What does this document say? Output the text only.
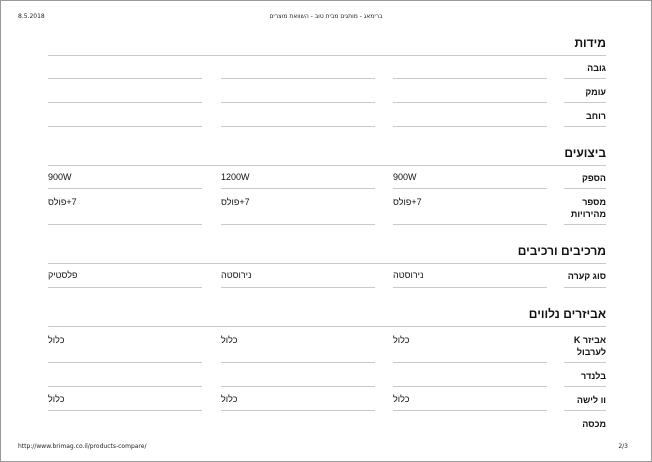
8.5.2018	ברימאג - מותגים מבית טוב - השוואת מוצרים
מידות
גובה
עומק
רוחב
ביצועים
הספק
900W	1200W	900W
מספר מהירויות
7+פולס	7+פולס	7+פולס
מרכיבים ורכיבים
סוג קערה
פלסטיק	נירוסטה	נירוסטה
אביזרים נלווים
אביזר K לערבול
כלול	כלול	כלול
בלנדר
וו לישה
כלול	כלול	כלול
מכסה
http://www.brimag.co.il/products-compare/	2/3
